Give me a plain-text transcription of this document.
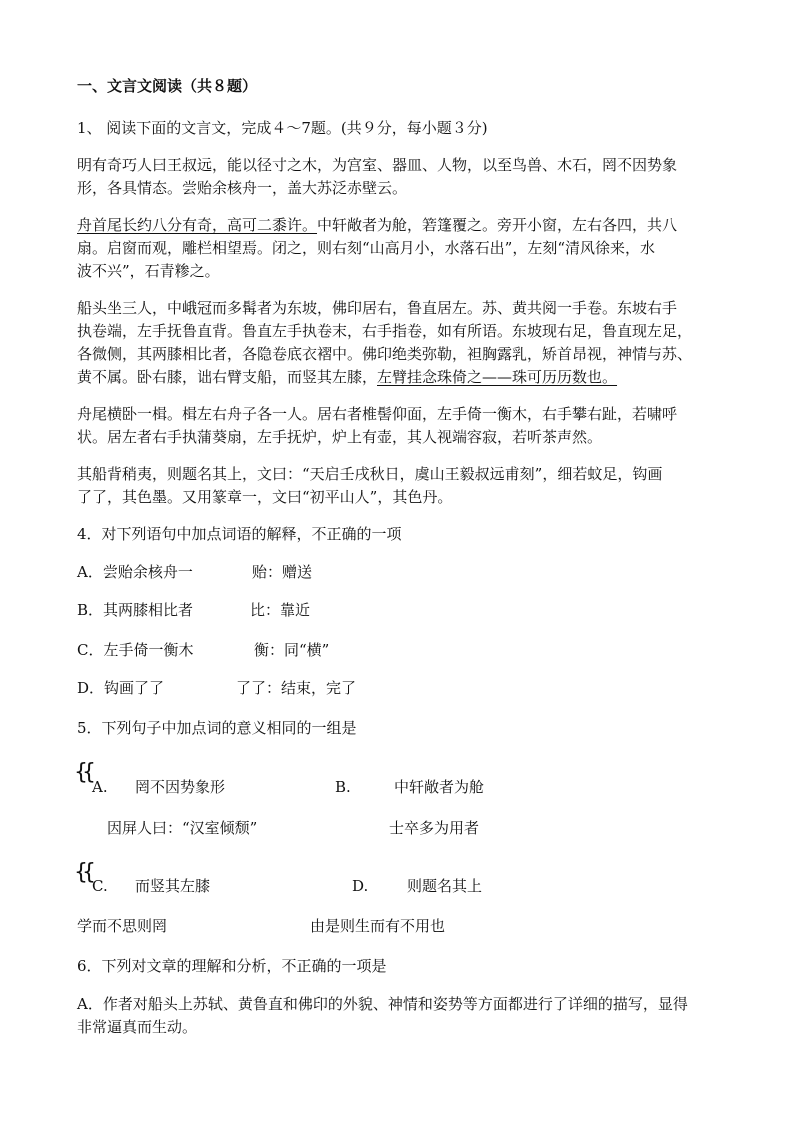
一、文言文阅读（共８题）
1、 阅读下面的文言文，完成４～7题。(共９分，每小题３分)
明有奇巧人曰王叔远，能以径寸之木，为宫室、器皿、人物，以至鸟兽、木石，罔不因势象
形，各具情态。尝贻余核舟一，盖大苏泛赤壁云。
舟首尾长约八分有奇，高可二黍许。中轩敞者为舱，箬篷覆之。旁开小窗，左右各四，共八
扇。启窗而观，雕栏相望焉。闭之，则右刻“山高月小，水落石出”，左刻“清风徐来，水
波不兴”，石青糁之。
船头坐三人，中峨冠而多髯者为东坡，佛印居右，鲁直居左。苏、黄共阅一手卷。东坡右手
执卷端，左手抚鲁直背。鲁直左手执卷末，右手指卷，如有所语。东坡现右足，鲁直现左足，
各微侧，其两膝相比者，各隐卷底衣褶中。佛印绝类弥勒，袒胸露乳，矫首昂视，神情与苏、
黄不属。卧右膝，诎右臂支船，而竖其左膝，左臂挂念珠倚之——珠可历历数也。
舟尾横卧一楫。楫左右舟子各一人。居右者椎髻仰面，左手倚一衡木，右手攀右趾，若啸呼
状。居左者右手执蒲葵扇，左手抚炉，炉上有壶，其人视端容寂，若听茶声然。
其船背稍夷，则题名其上，文曰：“天启壬戌秋日，虞山王毅叔远甫刻”，细若蚊足，钩画
了了，其色墨。又用篆章一，文曰“初平山人”，其色丹。
4．对下列语句中加点词语的解释，不正确的一项
A．尝贻余核舟一	贻：赠送
B．其两膝相比者	比：靠近
C．左手倚一衡木	衡：同“横”
D．钩画了了	了了：结束，完了
5．下列句子中加点词的意义相同的一组是
{{
A. 罔不因势象形	B.	中轩敞者为舱
因屏人曰：“汉室倾颓”	士卒多为用者
{{
C. 而竖其左膝	D.	则题名其上
学而不思则罔	由是则生而有不用也
6．下列对文章的理解和分析，不正确的一项是
A．作者对船头上苏轼、黄鲁直和佛印的外貌、神情和姿势等方面都进行了详细的描写，显得
非常逼真而生动。
